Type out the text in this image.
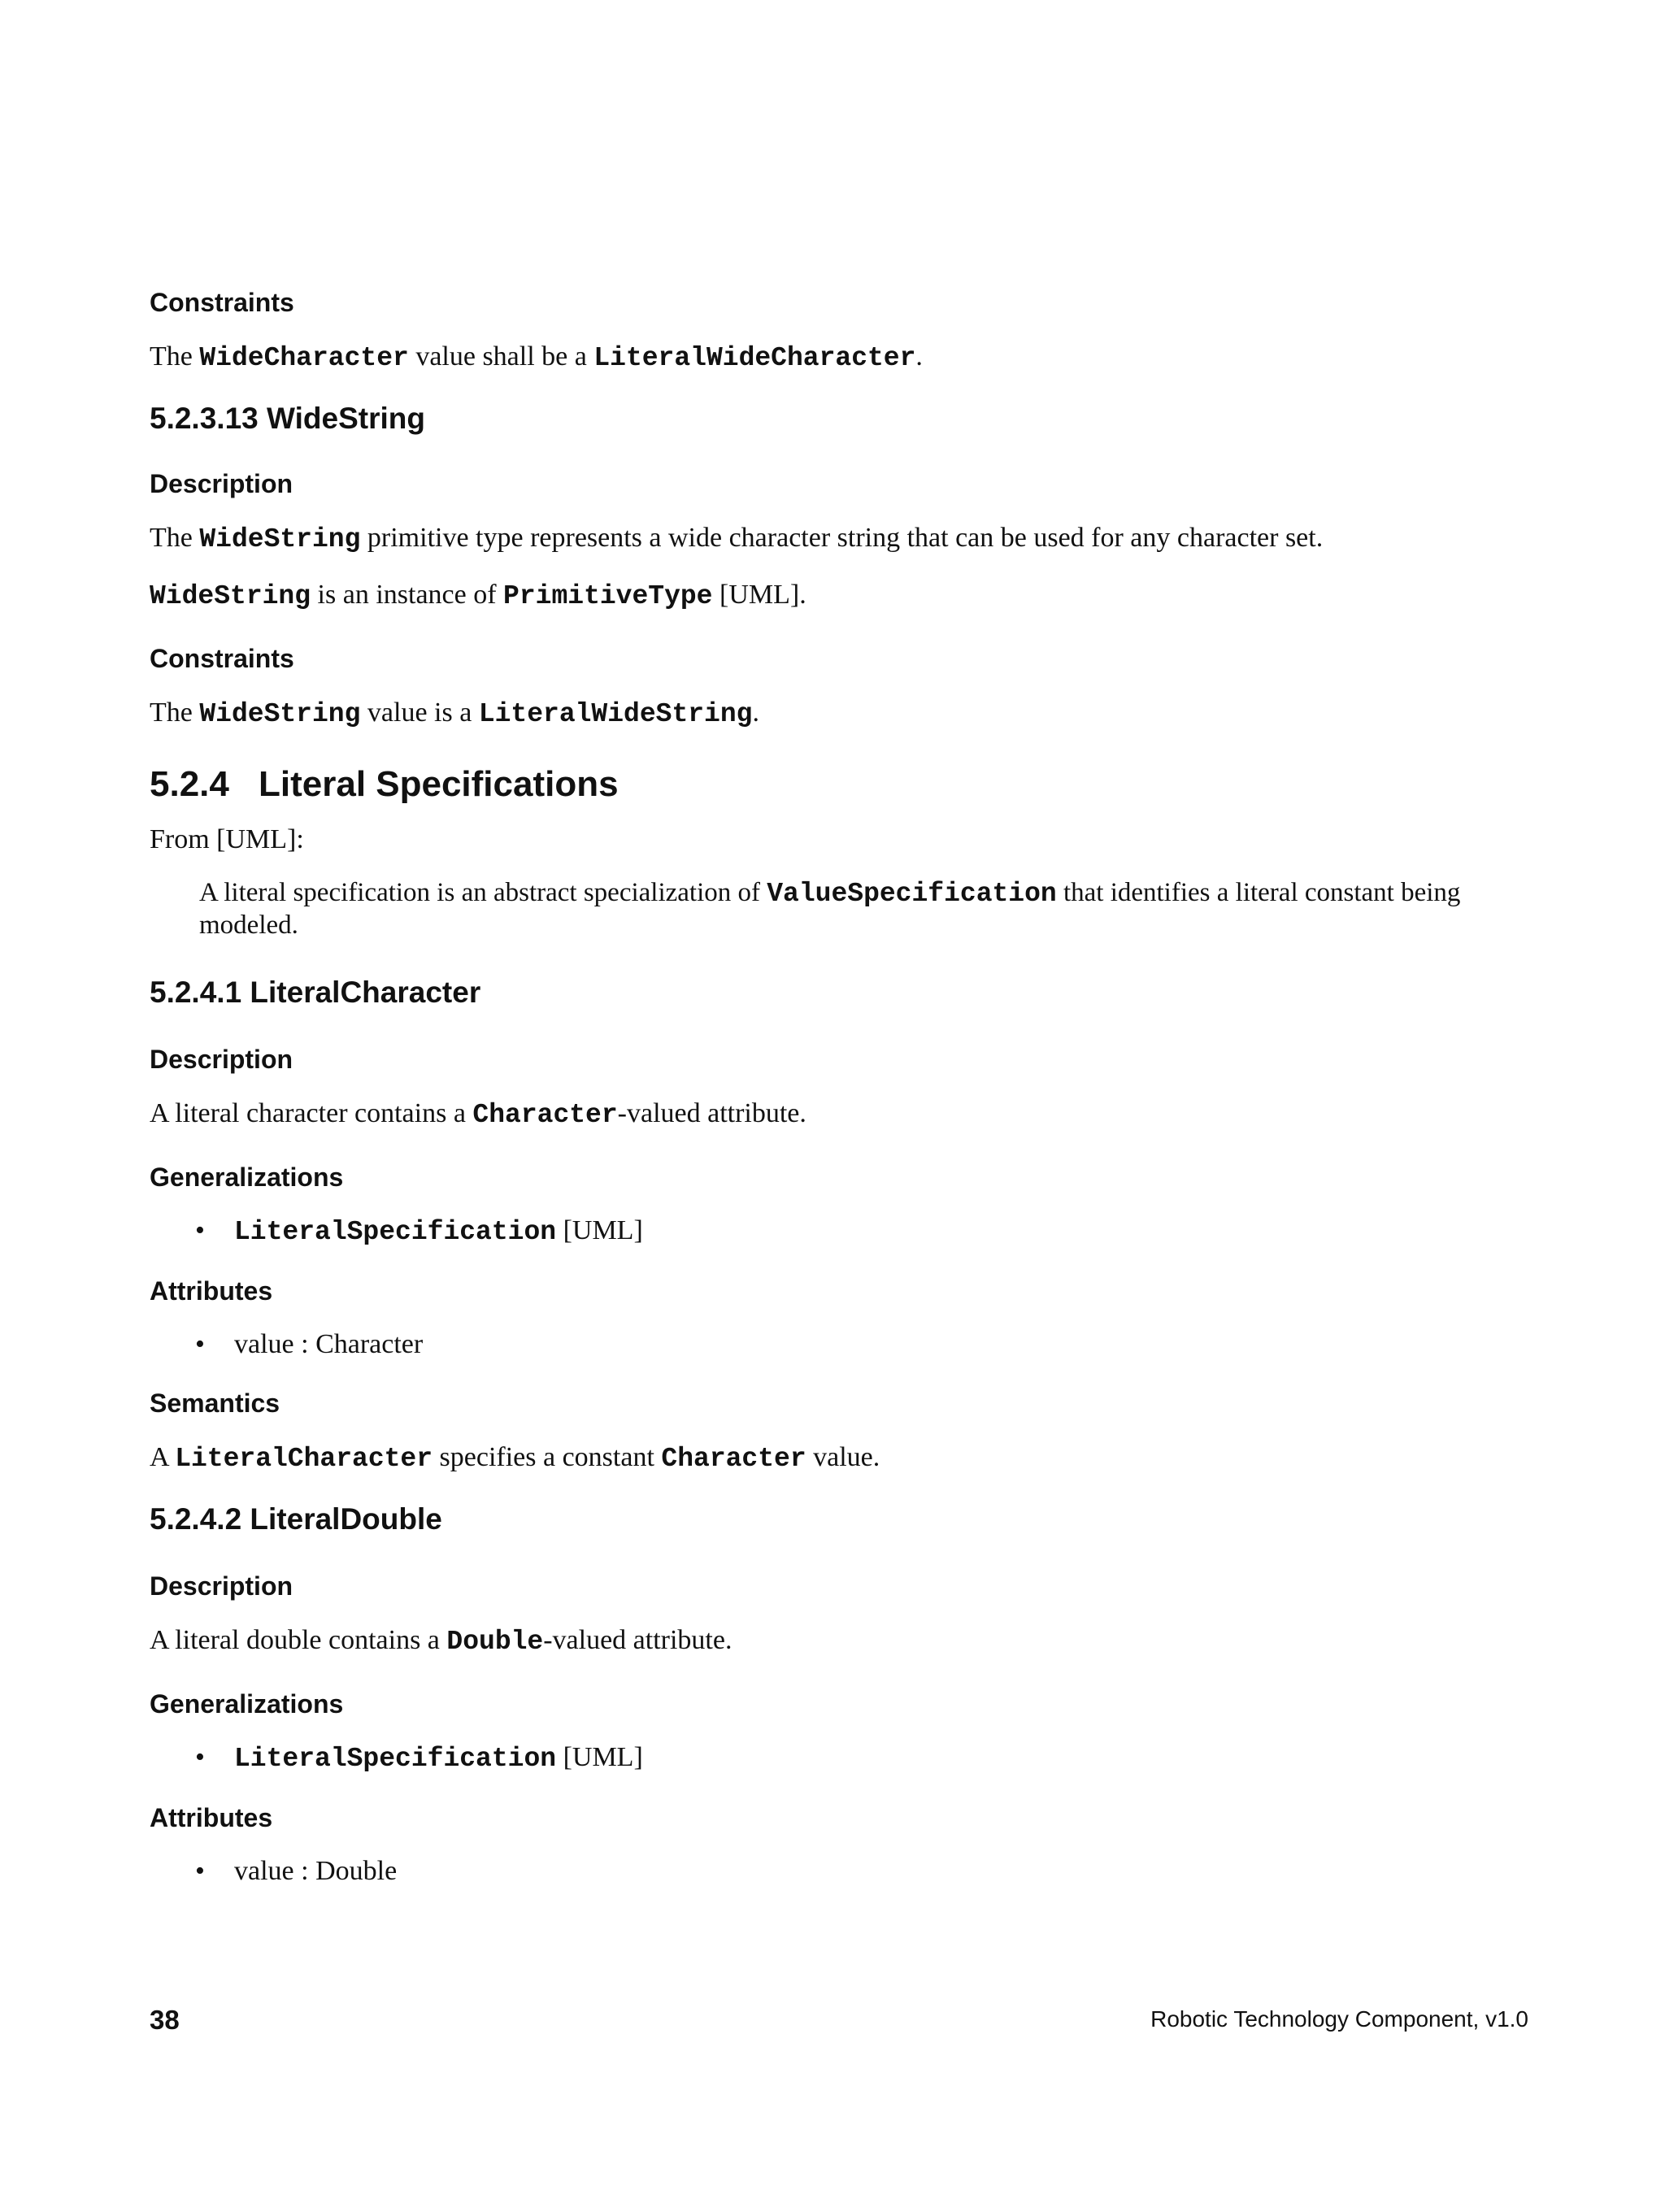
Constraints

The WideCharacter value shall be a LiteralWideCharacter.

5.2.3.13 WideString

Description

The WideString primitive type represents a wide character string that can be used for any character set.

WideString is an instance of PrimitiveType [UML].

Constraints

The WideString value is a LiteralWideString.

5.2.4 Literal Specifications

From [UML]:

A literal specification is an abstract specialization of ValueSpecification that identifies a literal constant being modeled.

5.2.4.1 LiteralCharacter

Description

A literal character contains a Character-valued attribute.

Generalizations

•	LiteralSpecification [UML]

Attributes

•	value : Character

Semantics

A LiteralCharacter specifies a constant Character value.

5.2.4.2 LiteralDouble

Description

A literal double contains a Double-valued attribute.

Generalizations

•	LiteralSpecification [UML]

Attributes

•	value : Double
38	Robotic Technology Component, v1.0
